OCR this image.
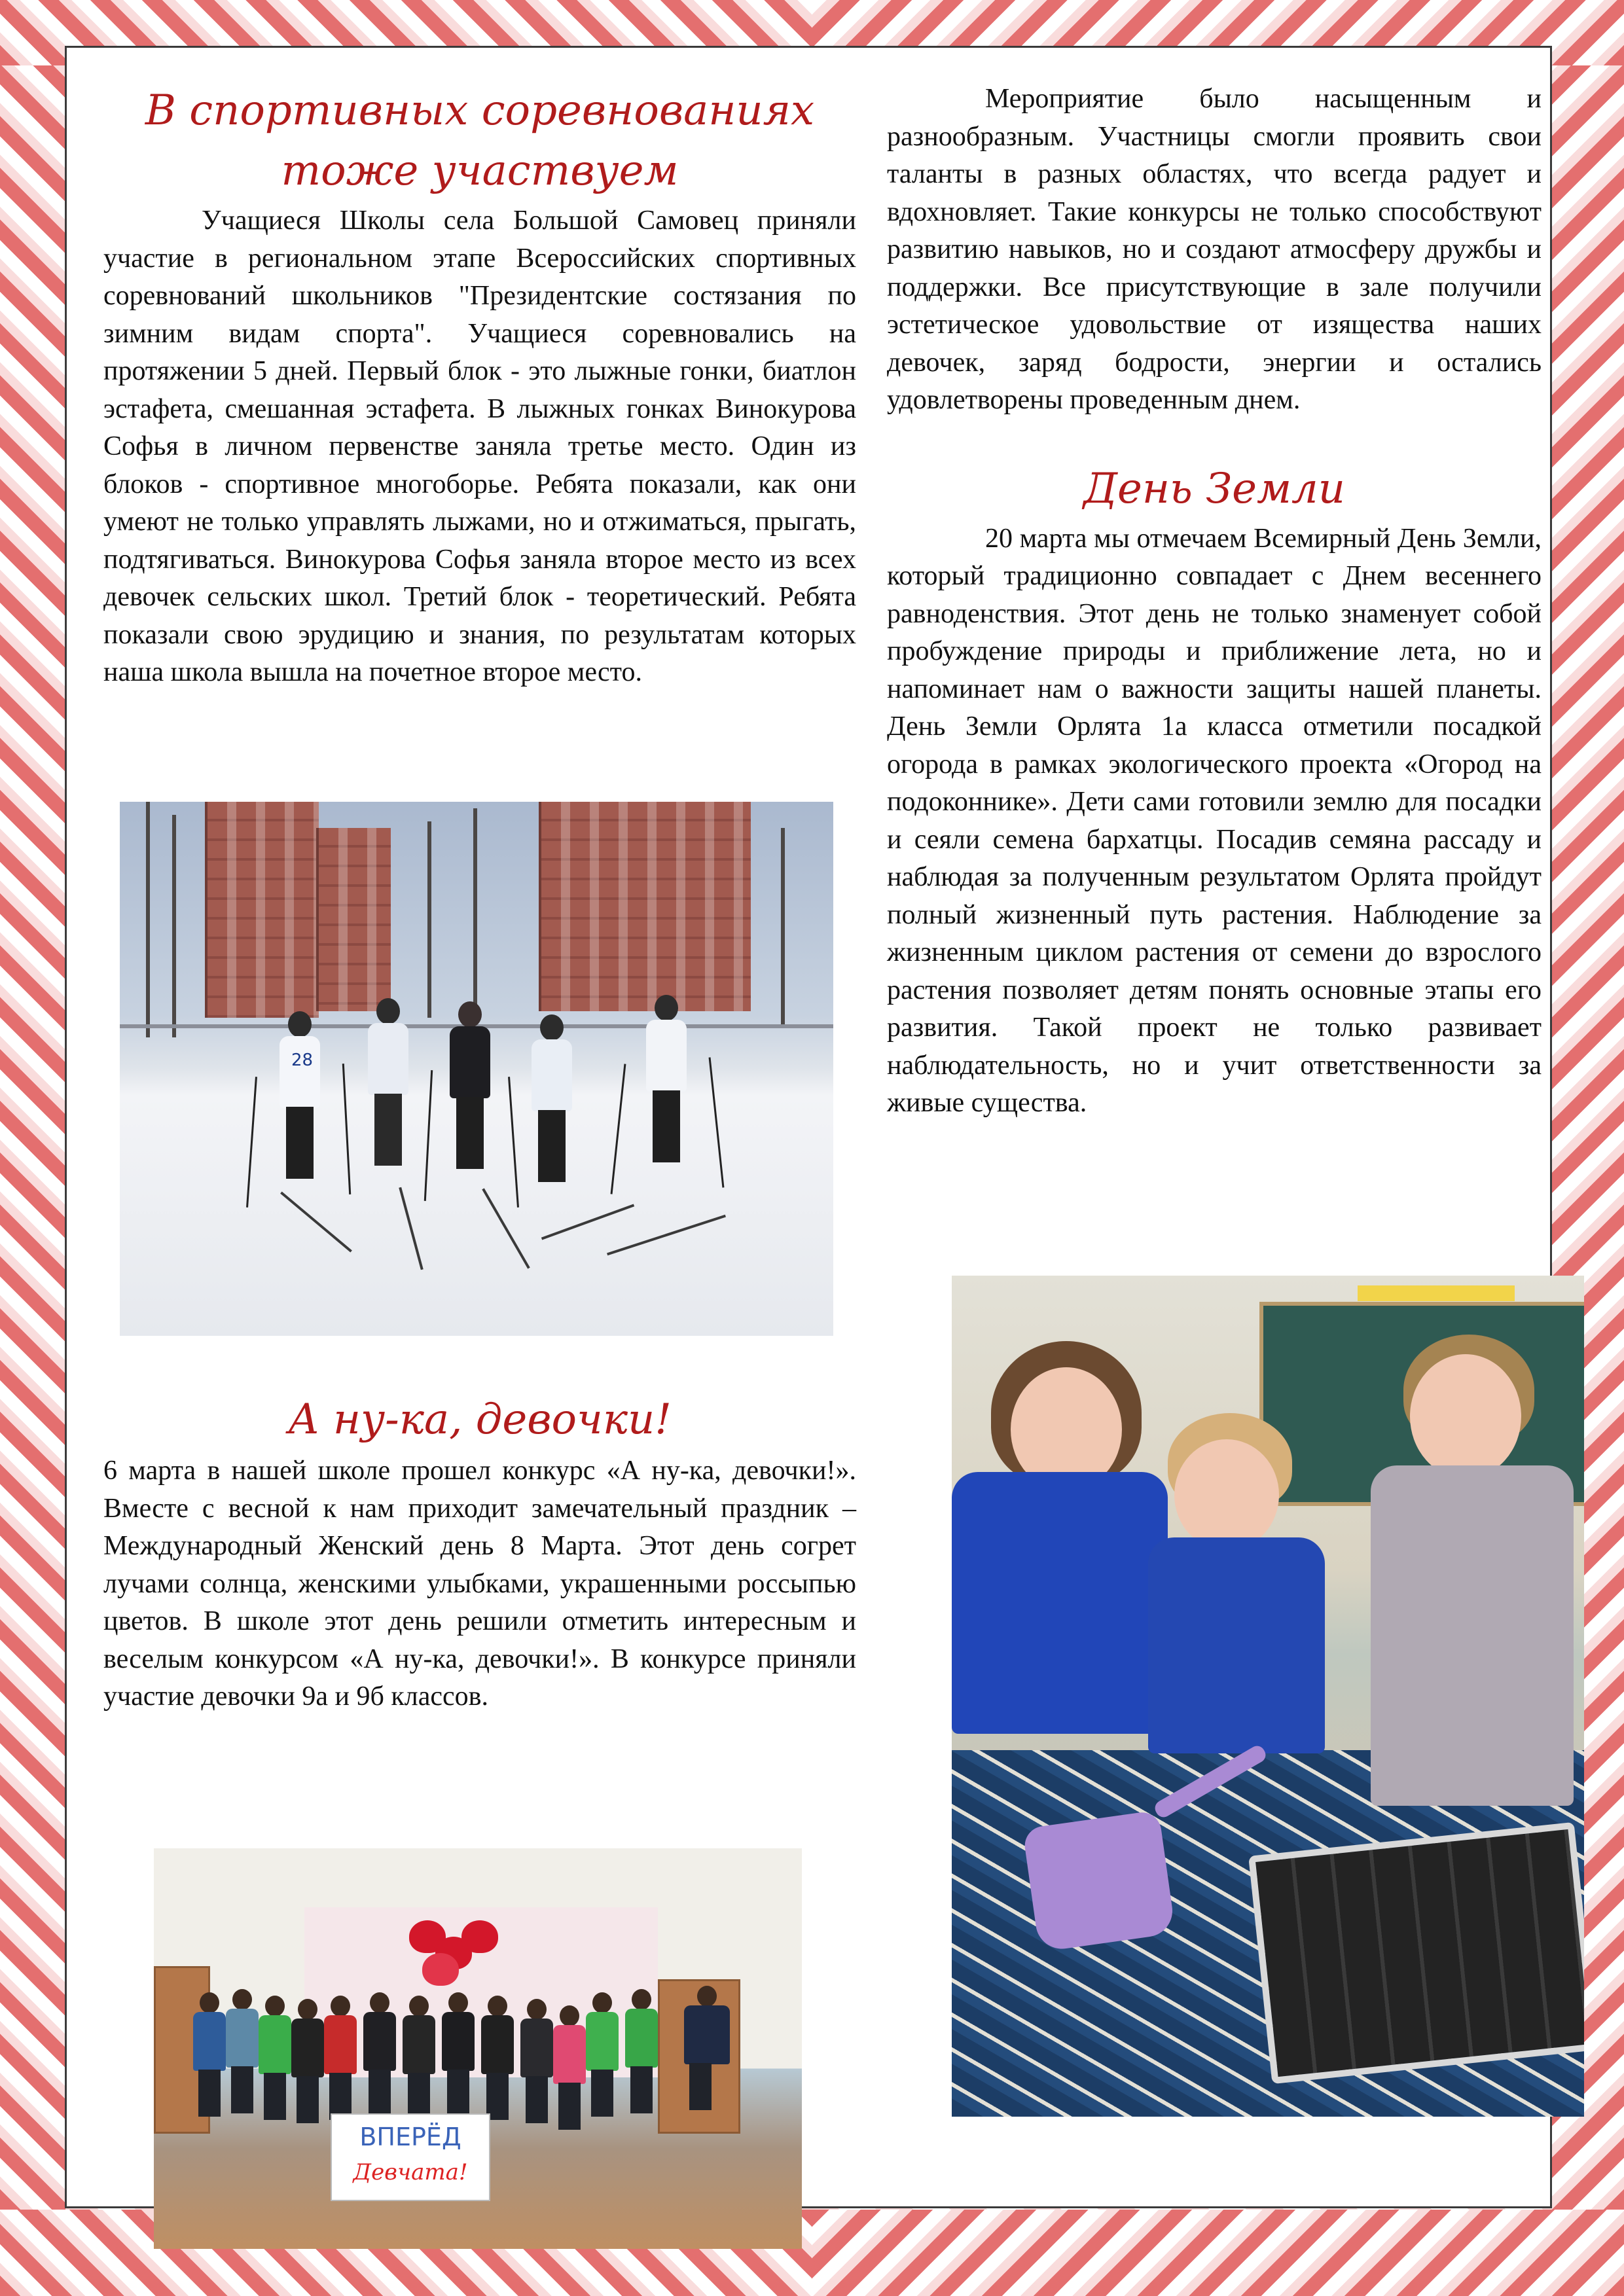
В спортивных соревнованиях
тоже участвуем

Учащиеся Школы села Большой Самовец приняли участие в региональном этапе Всероссийских спортивных соревнований школьников "Президентские состязания по зимним видам спорта". Учащиеся соревновались на протяжении 5 дней. Первый блок - это лыжные гонки, биатлон эстафета, смешанная эстафета. В лыжных гонках Винокурова Софья в личном первенстве заняла третье место. Один из блоков - спортивное многоборье. Ребята показали, как они умеют не только управлять лыжами, но и отжиматься, прыгать, подтягиваться. Винокурова Софья заняла второе место из всех девочек сельских школ. Третий блок - теоретический. Ребята показали свою эрудицию и знания, по результатам которых наша школа вышла на почетное второе место.

А ну-ка, девочки!

6 марта в нашей школе прошел конкурс «А ну-ка, девочки!». Вместе с весной к нам приходит замечательный праздник – Международный Женский день 8 Марта. Этот день согрет лучами солнца, женскими улыбками, украшенными россыпью цветов. В школе этот день решили отметить интересным и веселым конкурсом «А ну-ка, девочки!». В конкурсе приняли участие девочки 9а и 9б классов.

Мероприятие было насыщенным и разнообразным. Участницы смогли проявить свои таланты в разных областях, что всегда радует и вдохновляет. Такие конкурсы не только способствуют развитию навыков, но и создают атмосферу дружбы и поддержки. Все присутствующие в зале получили эстетическое удовольствие от изящества наших девочек, заряд бодрости, энергии и остались удовлетворены проведенным днем.

День Земли

20 марта мы отмечаем Всемирный День Земли, который традиционно совпадает с Днем весеннего равноденствия. Этот день не только знаменует собой пробуждение природы и приближение лета, но и напоминает нам о важности защиты нашей планеты. День Земли Орлята 1а класса отметили посадкой огорода в рамках экологического проекта «Огород на подоконнике». Дети сами готовили землю для посадки и сеяли семена бархатцы. Посадив семяна рассаду и наблюдая за полученным результатом Орлята пройдут полный жизненный путь растения. Наблюдение за жизненным циклом растения от семени до взрослого растения позволяет детям понять основные этапы его развития. Такой проект не только развивает наблюдательность, но и учит ответственности за живые существа.

28
ВПЕРЁД
Девчата!
